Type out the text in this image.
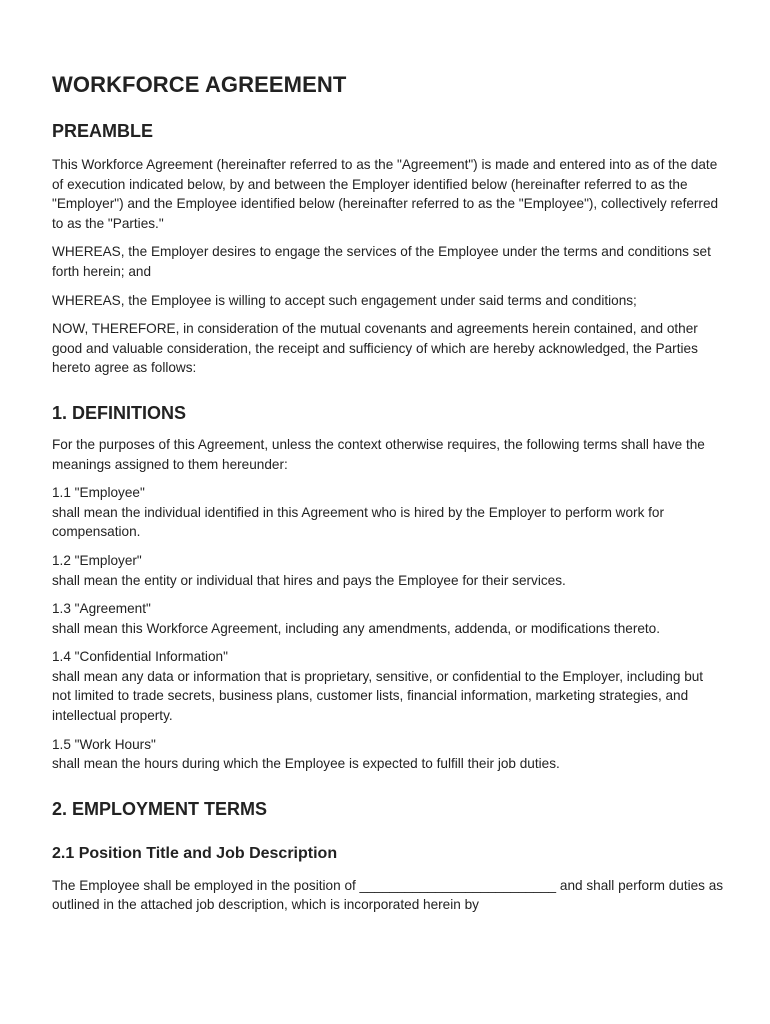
WORKFORCE AGREEMENT
PREAMBLE

This Workforce Agreement (hereinafter referred to as the "Agreement") is made and entered into as of the date of execution indicated below, by and between the Employer identified below (hereinafter referred to as the "Employer") and the Employee identified below (hereinafter referred to as the "Employee"), collectively referred to as the "Parties."

WHEREAS, the Employer desires to engage the services of the Employee under the terms and conditions set forth herein; and

WHEREAS, the Employee is willing to accept such engagement under said terms and conditions;

NOW, THEREFORE, in consideration of the mutual covenants and agreements herein contained, and other good and valuable consideration, the receipt and sufficiency of which are hereby acknowledged, the Parties hereto agree as follows:

1. DEFINITIONS

For the purposes of this Agreement, unless the context otherwise requires, the following terms shall have the meanings assigned to them hereunder:

1.1 "Employee"
shall mean the individual identified in this Agreement who is hired by the Employer to perform work for compensation.

1.2 "Employer"
shall mean the entity or individual that hires and pays the Employee for their services.

1.3 "Agreement"
shall mean this Workforce Agreement, including any amendments, addenda, or modifications thereto.

1.4 "Confidential Information"
shall mean any data or information that is proprietary, sensitive, or confidential to the Employer, including but not limited to trade secrets, business plans, customer lists, financial information, marketing strategies, and intellectual property.

1.5 "Work Hours"
shall mean the hours during which the Employee is expected to fulfill their job duties.

2. EMPLOYMENT TERMS
2.1 Position Title and Job Description

The Employee shall be employed in the position of __________________________ and shall perform duties as outlined in the attached job description, which is incorporated herein by
